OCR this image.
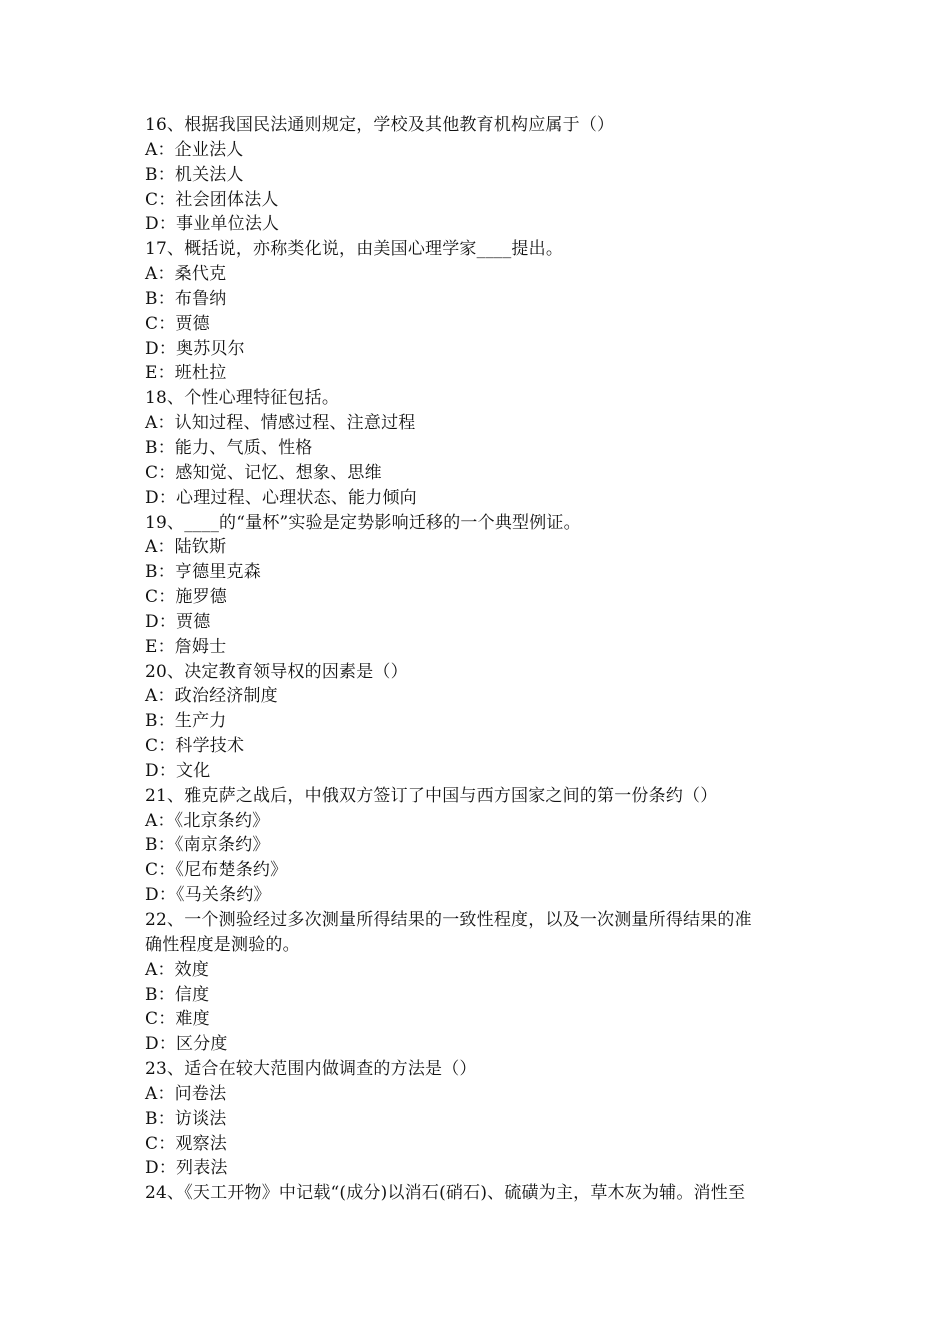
16、根据我国民法通则规定，学校及其他教育机构应属于（）
A：企业法人
B：机关法人
C：社会团体法人
D：事业单位法人
17、概括说，亦称类化说，由美国心理学家____提出。
A：桑代克
B：布鲁纳
C：贾德
D：奥苏贝尔
E：班杜拉
18、个性心理特征包括。
A：认知过程、情感过程、注意过程
B：能力、气质、性格
C：感知觉、记忆、想象、思维
D：心理过程、心理状态、能力倾向
19、____的“量杯”实验是定势影响迁移的一个典型例证。
A：陆钦斯
B：亨德里克森
C：施罗德
D：贾德
E：詹姆士
20、决定教育领导权的因素是（）
A：政治经济制度
B：生产力
C：科学技术
D：文化
21、雅克萨之战后，中俄双方签订了中国与西方国家之间的第一份条约（）
A：《北京条约》
B：《南京条约》
C：《尼布楚条约》
D：《马关条约》
22、一个测验经过多次测量所得结果的一致性程度，以及一次测量所得结果的准
确性程度是测验的。
A：效度
B：信度
C：难度
D：区分度
23、适合在较大范围内做调查的方法是（）
A：问卷法
B：访谈法
C：观察法
D：列表法
24、《天工开物》中记载“(成分)以消石(硝石)、硫磺为主，草木灰为辅。消性至
